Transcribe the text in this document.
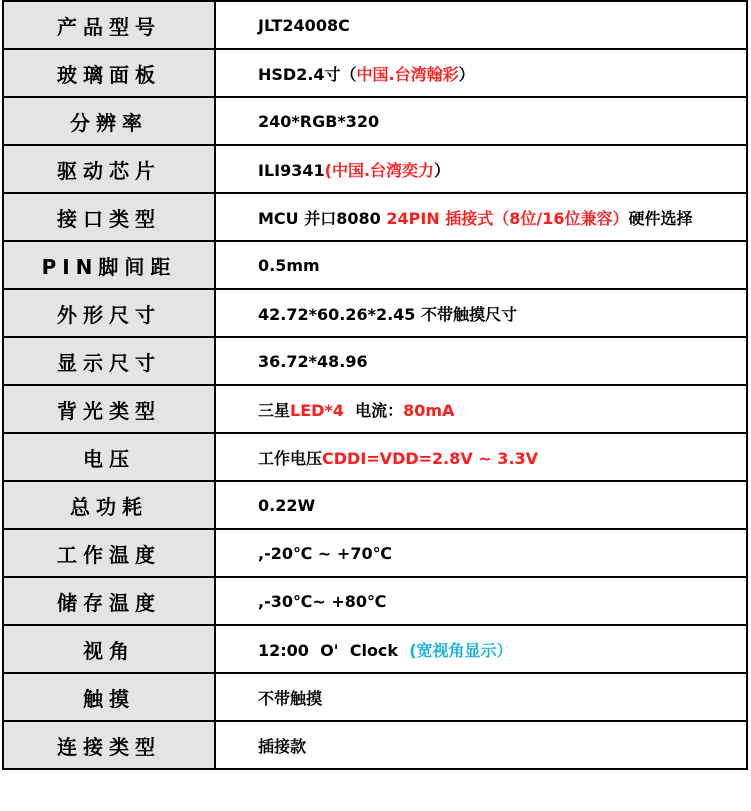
产品型号	JLT24008C
玻璃面板	HSD2.4寸（中国.台湾翰彩）
分辨率	240*RGB*320
驱动芯片	ILI9341(中国.台湾奕力）
接口类型	MCU 并口8080 24PIN 插接式（8位/16位兼容）硬件选择
PIN脚间距	0.5mm
外形尺寸	42.72*60.26*2.45 不带触摸尺寸
显示尺寸	36.72*48.96
背光类型	三星LED*4  电流：80mA
电压	工作电压CDDI=VDD=2.8V ~ 3.3V
总功耗	0.22W
工作温度	,-20℃ ~ +70℃
储存温度	,-30℃~ +80℃
视角	12:00  O'  Clock  (宽视角显示）
触摸	不带触摸
连接类型	插接款
